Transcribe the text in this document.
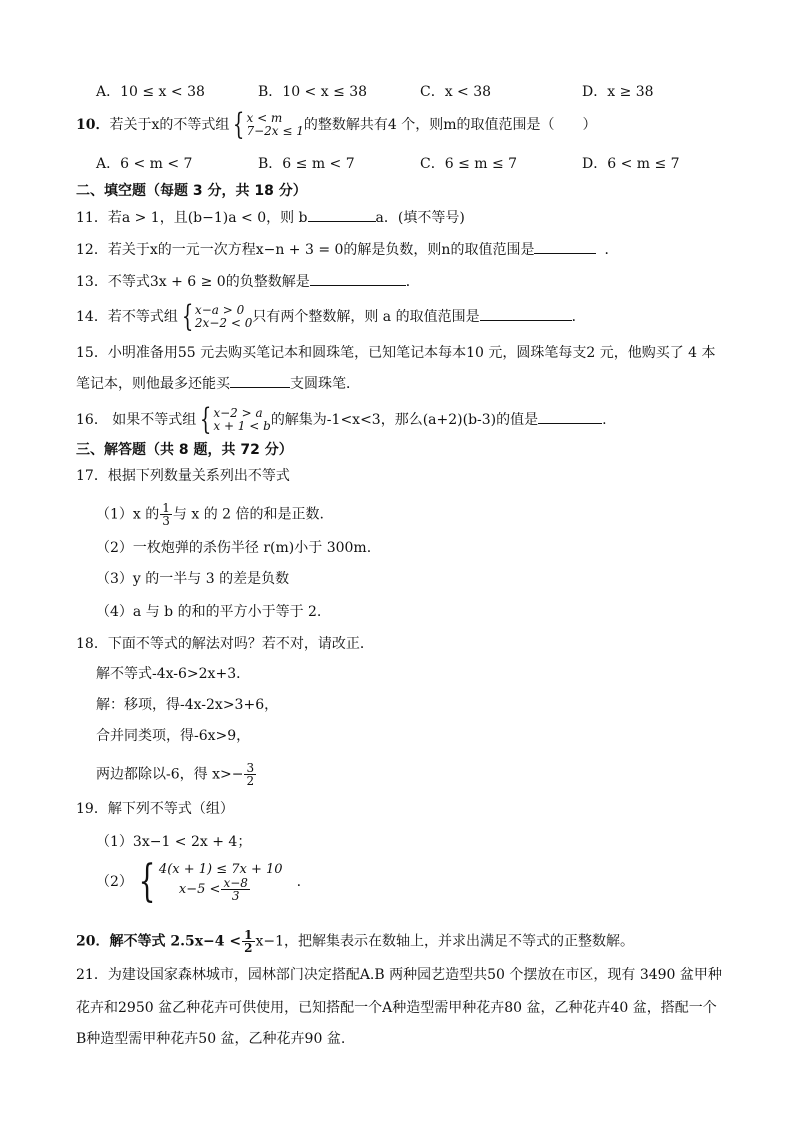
A．10 ≤ x < 38	B．10 < x ≤ 38	C．x < 38	D．x ≥ 38
10．若关于x的不等式组 { x < m
7−2x ≤ 1 的整数解共有4 个，则m的取值范围是（　　）
A．6 < m < 7	B．6 ≤ m < 7	C．6 ≤ m ≤ 7	D．6 < m ≤ 7
二、填空题（每题 3 分，共 18 分）
11．若a > 1，且(b−1)a < 0，则 b	a．(填不等号)
12．若关于x的一元一次方程x−n + 3 = 0的解是负数，则n的取值范围是	．
13．不等式3x + 6 ≥ 0的负整数解是	．
14．若不等式组 { x−a > 0
2x−2 < 0 只有两个整数解，则 a 的取值范围是	．
15．小明准备用55 元去购买笔记本和圆珠笔，已知笔记本每本10 元，圆珠笔每支2 元，他购买了 4 本
笔记本，则他最多还能买	支圆珠笔．
16． 如果不等式组 { x−2 > a
x + 1 < b 的解集为-1<x<3，那么(a+2)(b-3)的值是	.
三、解答题（共 8 题，共 72 分）
17．根据下列数量关系列出不等式
（1）x 的 $\frac{1}{3}$ 与 x 的 2 倍的和是正数.
（2）一枚炮弹的杀伤半径 r(m)小于 300m.
（3）y 的一半与 3 的差是负数
（4）a 与 b 的和的平方小于等于 2.
18．下面不等式的解法对吗？若不对，请改正．
解不等式-4x-6>2x+3．
解：移项，得-4x-2x>3+6，
合并同类项，得-6x>9，
两边都除以-6，得 $x>- \frac{3}{2}$
19．解下列不等式（组）
（1）3x−1 < 2x + 4；
（2） { 4(x + 1) ≤ 7x + 10
$x-5 < \frac{x-8}{3}$	.
20．解不等式 $2.5x-4 < \frac{1}{2} x-1$，把解集表示在数轴上，并求出满足不等式的正整数解。
21．为建设国家森林城市，园林部门决定搭配A.B 两种园艺造型共50 个摆放在市区，现有 3490 盆甲种
花卉和2950 盆乙种花卉可供使用，已知搭配一个A种造型需甲种花卉80 盆，乙种花卉40 盆，搭配一个
B种造型需甲种花卉50 盆，乙种花卉90 盆.
